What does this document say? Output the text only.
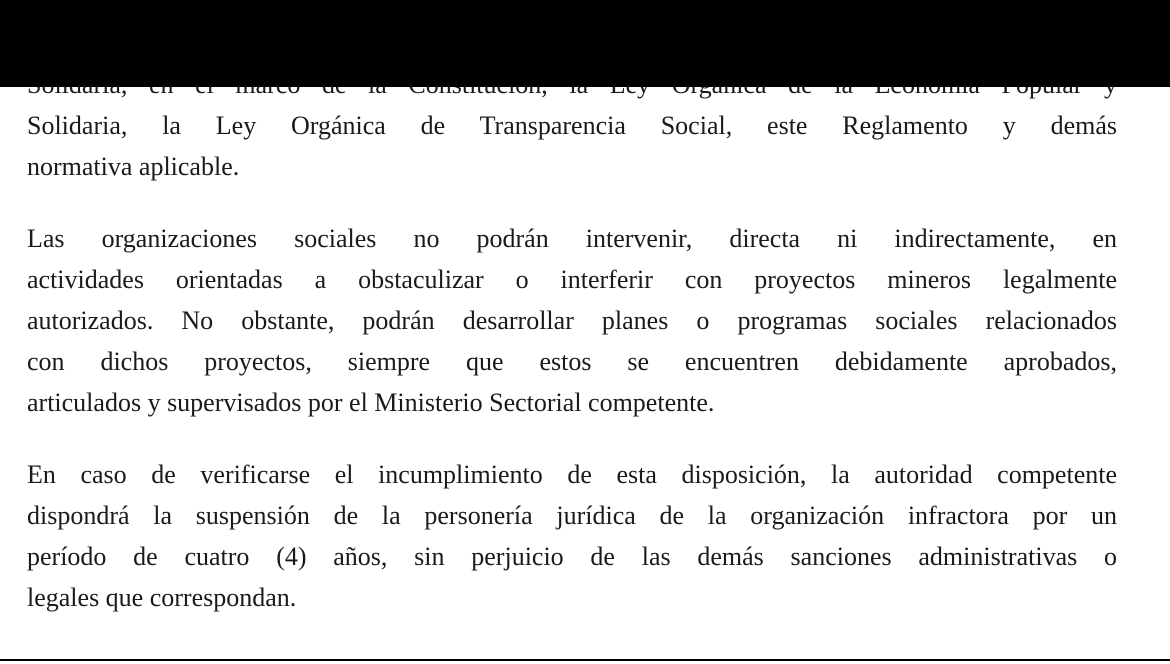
Solidaria, la Ley Orgánica de Transparencia Social, este Reglamento y demás
normativa aplicable.
Las organizaciones sociales no podrán intervenir, directa ni indirectamente, en
actividades orientadas a obstaculizar o interferir con proyectos mineros legalmente
autorizados. No obstante, podrán desarrollar planes o programas sociales relacionados
con dichos proyectos, siempre que estos se encuentren debidamente aprobados,
articulados y supervisados por el Ministerio Sectorial competente.
En caso de verificarse el incumplimiento de esta disposición, la autoridad competente
dispondrá la suspensión de la personería jurídica de la organización infractora por un
período de cuatro (4) años, sin perjuicio de las demás sanciones administrativas o
legales que correspondan.
